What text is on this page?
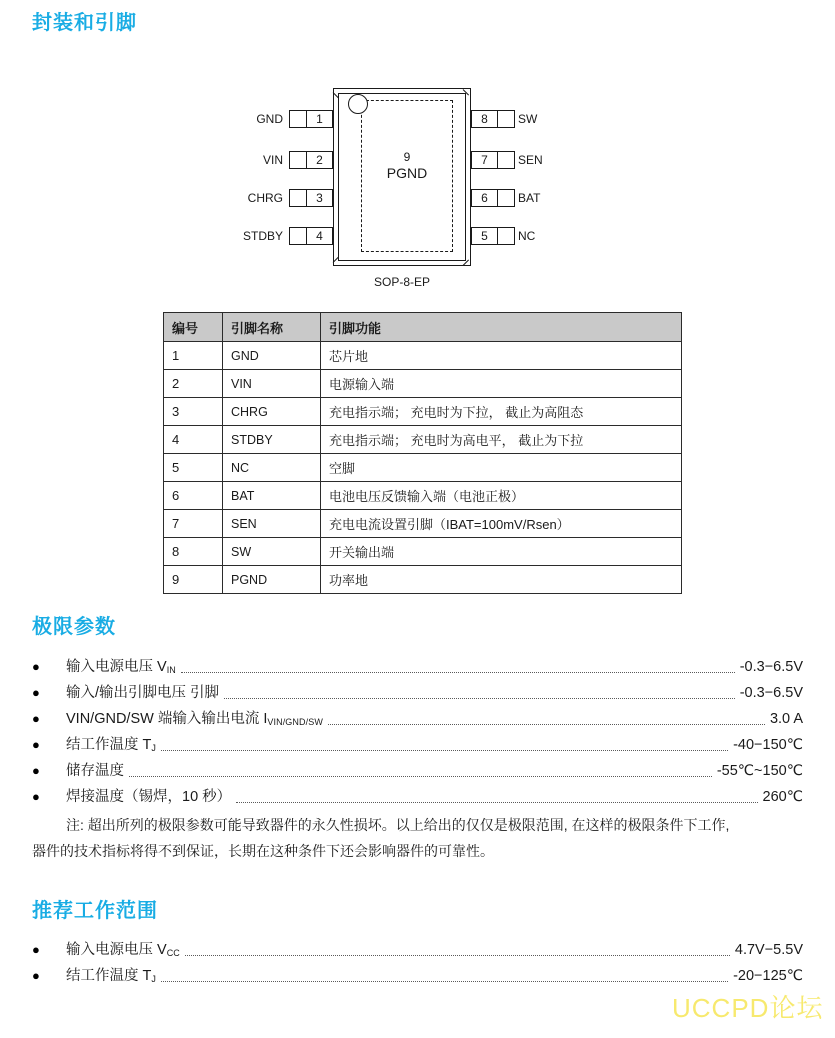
封装和引脚
GND
VIN
CHRG
STDBY
1
2
3
4
8
7
6
5
SW
SEN
BAT
NC
9
PGND
SOP-8-EP
编号	引脚名称	引脚功能
1	GND	芯片地
2	VIN	电源输入端
3	CHRG	充电指示端； 充电时为下拉， 截止为高阻态
4	STDBY	充电指示端； 充电时为高电平， 截止为下拉
5	NC	空脚
6	BAT	电池电压反馈输入端（电池正极）
7	SEN	充电电流设置引脚（IBAT=100mV/Rsen）
8	SW	开关输出端
9	PGND	功率地
极限参数
●	输入电源电压 $V_{IN}$	-0.3−6.5V
●	输入/输出引脚电压 引脚	-0.3−6.5V
●	VIN/GND/SW 端输入输出电流 $I_{VIN/GND/SW}$	3.0 A
●	结工作温度 $T_J$	-40−150℃
●	储存温度	-55℃~150℃
●	焊接温度（锡焊，10 秒）	260℃
注: 超出所列的极限参数可能导致器件的永久性损坏。以上给出的仅仅是极限范围, 在这样的极限条件下工作,
器件的技术指标将得不到保证，长期在这种条件下还会影响器件的可靠性。
推荐工作范围
●	输入电源电压 $V_{CC}$	4.7V−5.5V
●	结工作温度 $T_J$	-20−125℃
UCCPD论坛
